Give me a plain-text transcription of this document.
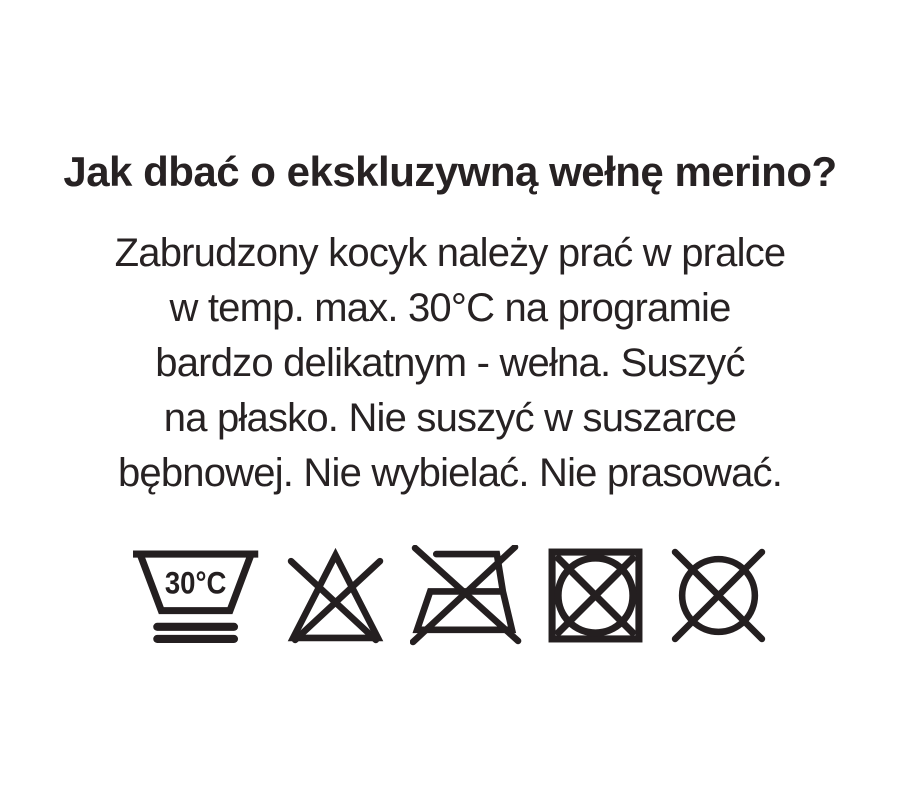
Jak dbać o ekskluzywną wełnę merino?
Zabrudzony kocyk należy prać w pralce
w temp. max. 30°C na programie
bardzo delikatnym - wełna. Suszyć
na płasko. Nie suszyć w suszarce
bębnowej. Nie wybielać. Nie prasować.
30°C
